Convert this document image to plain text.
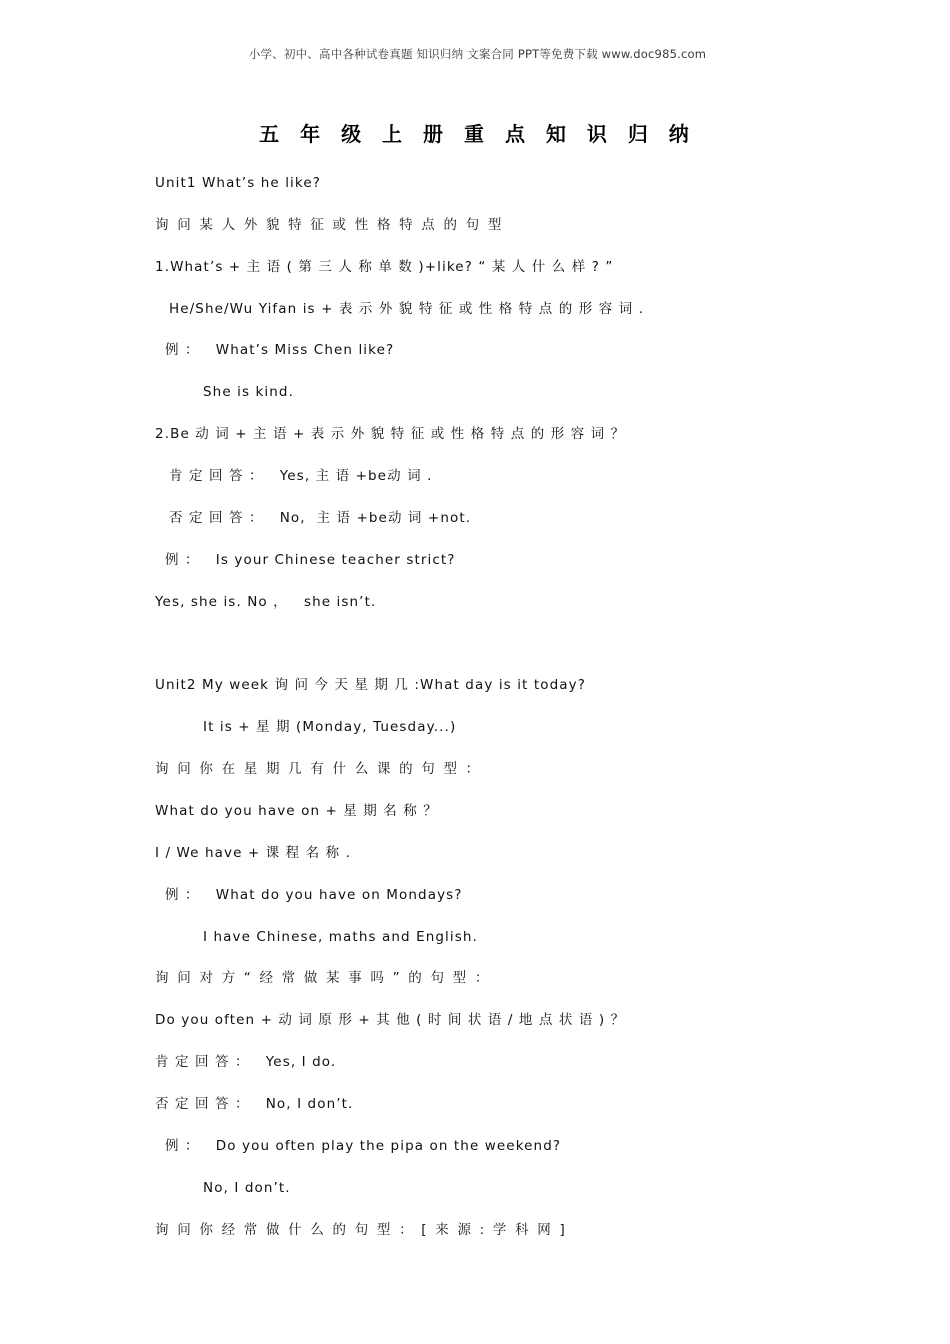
小学、初中、高中各种试卷真题 知识归纳 文案合同 PPT等免费下载 www.doc985.com
五 年 级 上 册 重 点 知 识 归 纳

Unit1 What’s he like?

询 问 某 人 外 貌 特 征 或 性 格 特 点 的 句 型

1.What’s + 主 语 ( 第 三 人 称 单 数 )+like? “ 某 人 什 么 样 ? ”

He/She/Wu Yifan is + 表 示 外 貌 特 征 或 性 格 特 点 的 形 容 词 .

例 ：   What’s Miss Chen like?

She is kind.

2.Be 动 词 + 主 语 + 表 示 外 貌 特 征 或 性 格 特 点 的 形 容 词 ？

肯 定 回 答 ：   Yes, 主 语 +be动 词 .

否 定 回 答 ：   No,  主 语 +be动 词 +not.

例 ：   Is your Chinese teacher strict?

Yes, she is. No ，   she isn’t.

Unit2 My week 询 问 今 天 星 期 几 :What day is it today?

It is + 星 期 (Monday, Tuesday...)

询 问 你 在 星 期 几 有 什 么 课 的 句 型 ：

What do you have on + 星 期 名 称 ？

I / We have + 课 程 名 称 .

例 ：   What do you have on Mondays?

I have Chinese, maths and English.

询 问 对 方 “ 经 常 做 某 事 吗 ” 的 句 型 ：

Do you often + 动 词 原 形 + 其 他 ( 时 间 状 语 / 地 点 状 语 ) ？

肯 定 回 答 ：   Yes, I do.

否 定 回 答 ：   No, I don’t.

例 ：   Do you often play the pipa on the weekend?

No, I don’t.

询 问 你 经 常 做 什 么 的 句 型 ： [ 来 源 : 学 科 网 ]
